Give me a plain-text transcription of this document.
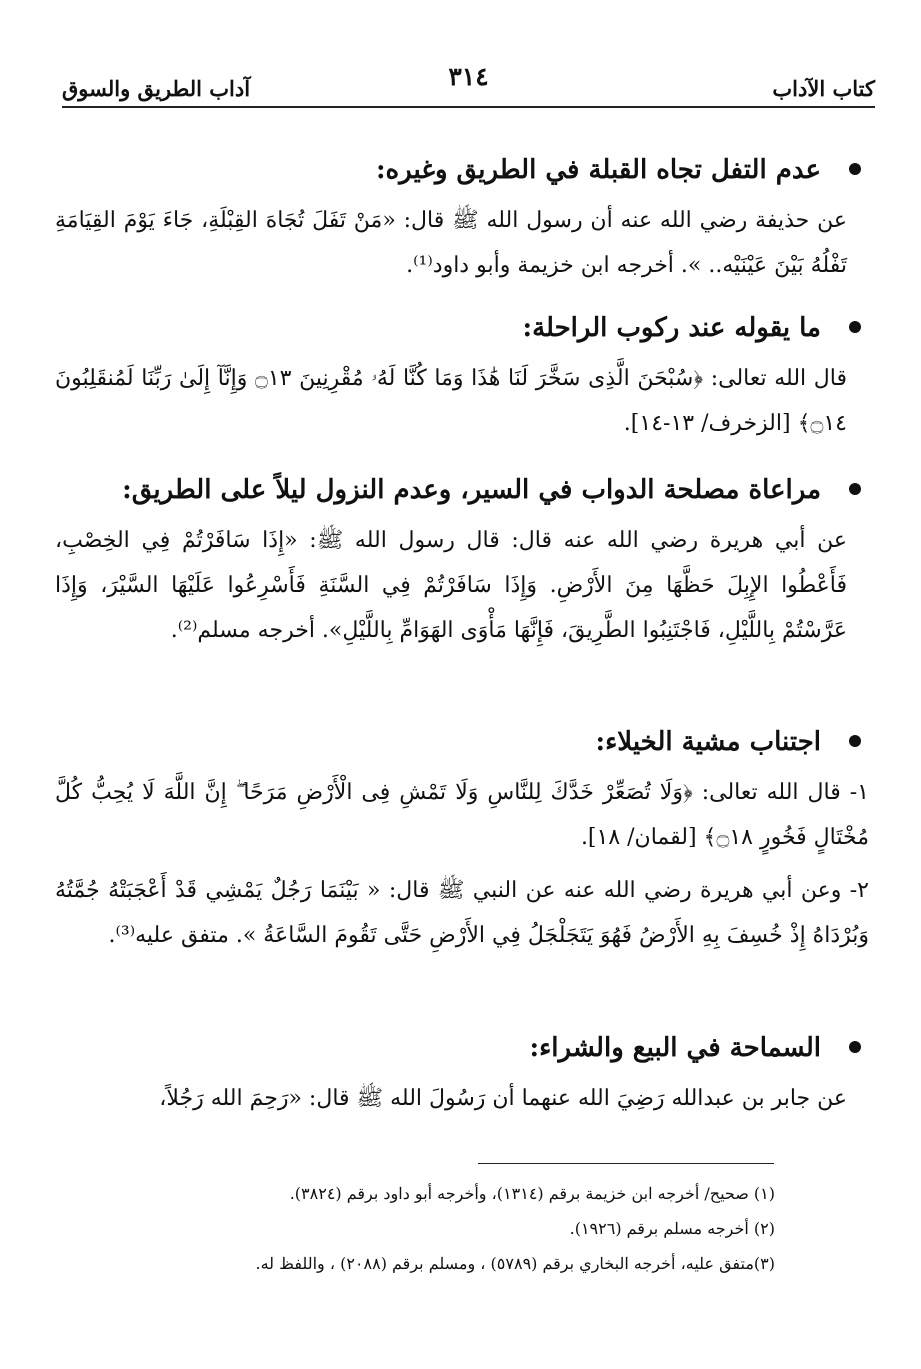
كتاب الآداب
٣١٤
آداب الطريق والسوق
عدم التفل تجاه القبلة في الطريق وغيره:
عن حذيفة رضي الله عنه أن رسول الله ﷺ قال: «مَنْ تَفَلَ تُجَاهَ القِبْلَةِ، جَاءَ يَوْمَ القِيَامَةِ تَفْلُهُ بَيْنَ عَيْنَيْه.. ». أخرجه ابن خزيمة وأبو داود⁽¹⁾.
ما يقوله عند ركوب الراحلة:
قال الله تعالى: ﴿سُبْحَنَ الَّذِى سَخَّرَ لَنَا هَٰذَا وَمَا كُنَّا لَهُۥ مُقْرِنِينَ ۝١٣ وَإِنَّآ إِلَىٰ رَبِّنَا لَمُنقَلِبُونَ ۝١٤﴾ [الزخرف/ ١٣-١٤].
مراعاة مصلحة الدواب في السير، وعدم النزول ليلاً على الطريق:
عن أبي هريرة رضي الله عنه قال: قال رسول الله ﷺ: «إِذَا سَافَرْتُمْ فِي الخِصْبِ، فَأَعْطُوا الإِبِلَ حَظَّهَا مِنَ الأَرْضِ. وَإِذَا سَافَرْتُمْ فِي السَّنَةِ فَأَسْرِعُوا عَلَيْهَا السَّيْرَ، وَإِذَا عَرَّسْتُمْ بِاللَّيْلِ، فَاجْتَنِبُوا الطَّرِيقَ، فَإِنَّهَا مَأْوَى الهَوَامِّ بِاللَّيْلِ». أخرجه مسلم⁽²⁾.
اجتناب مشية الخيلاء:
١- قال الله تعالى: ﴿وَلَا تُصَعِّرْ خَدَّكَ لِلنَّاسِ وَلَا تَمْشِ فِى الْأَرْضِ مَرَحًا ۖ إِنَّ اللَّهَ لَا يُحِبُّ كُلَّ مُخْتَالٍ فَخُورٍ ۝١٨﴾ [لقمان/ ١٨].
٢- وعن أبي هريرة رضي الله عنه عن النبي ﷺ قال: « بَيْنَمَا رَجُلٌ يَمْشِي قَدْ أَعْجَبَتْهُ جُمَّتُهُ وَبُرْدَاهُ إِذْ خُسِفَ بِهِ الأَرْضُ فَهُوَ يَتَجَلْجَلُ فِي الأَرْضِ حَتَّى تَقُومَ السَّاعَةُ ». متفق عليه⁽³⁾.
السماحة في البيع والشراء:
عن جابر بن عبدالله رَضِيَ الله عنهما أن رَسُولَ الله ﷺ قال: «رَحِمَ الله رَجُلاً،
(١) صحيح/ أخرجه ابن خزيمة برقم (١٣١٤)، وأخرجه أبو داود برقم (٣٨٢٤).
(٢) أخرجه مسلم برقم (١٩٢٦).
(٣)متفق عليه، أخرجه البخاري برقم (٥٧٨٩) ، ومسلم برقم (٢٠٨٨) ، واللفظ له.
